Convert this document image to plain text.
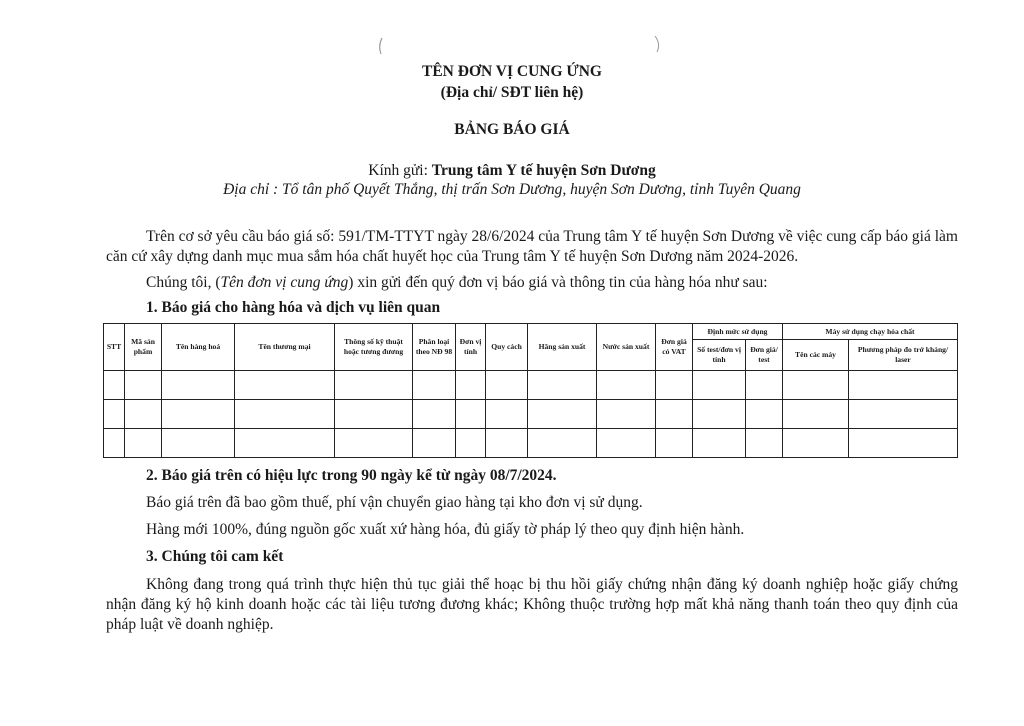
TÊN ĐƠN VỊ CUNG ỨNG
(Địa chỉ/ SĐT liên hệ)
BẢNG BÁO GIÁ
Kính gửi: Trung tâm Y tế huyện Sơn Dương
Địa chỉ : Tổ tân phố Quyết Thắng, thị trấn Sơn Dương, huyện Sơn Dương, tỉnh Tuyên Quang
Trên cơ sở yêu cầu báo giá số: 591/TM-TTYT ngày 28/6/2024 của Trung tâm Y tế huyện Sơn Dương về việc cung cấp báo giá làm căn cứ xây dựng danh mục mua sắm hóa chất huyết học của Trung tâm Y tế huyện Sơn Dương năm 2024-2026.
Chúng tôi, (Tên đơn vị cung ứng) xin gửi đến quý đơn vị báo giá và thông tin của hàng hóa như sau:
1. Báo giá cho hàng hóa và dịch vụ liên quan
STT	Mã sản phẩm	Tên hàng hoá	Tên thương mại	Thông số kỹ thuật hoặc tương đương	Phân loại theo NĐ 98	Đơn vị tính	Quy cách	Hãng sản xuất	Nước sản xuất	Đơn giá có VAT	Định mức sử dụng		Máy sử dụng chạy hóa chất	
											Số test/đơn vị tính	Đơn giá/ test	Tên các máy	Phương pháp đo trở kháng/ laser

2. Báo giá trên có hiệu lực trong 90 ngày kể từ ngày 08/7/2024.
Báo giá trên đã bao gồm thuế, phí vận chuyển giao hàng tại kho đơn vị sử dụng.
Hàng mới 100%, đúng nguồn gốc xuất xứ hàng hóa, đủ giấy tờ pháp lý theo quy định hiện hành.
3. Chúng tôi cam kết
Không đang trong quá trình thực hiện thủ tục giải thể hoạc bị thu hồi giấy chứng nhận đăng ký doanh nghiệp hoặc giấy chứng nhận đăng ký hộ kinh doanh hoặc các tài liệu tương đương khác; Không thuộc trường hợp mất khả năng thanh toán theo quy định của pháp luật về doanh nghiệp.
